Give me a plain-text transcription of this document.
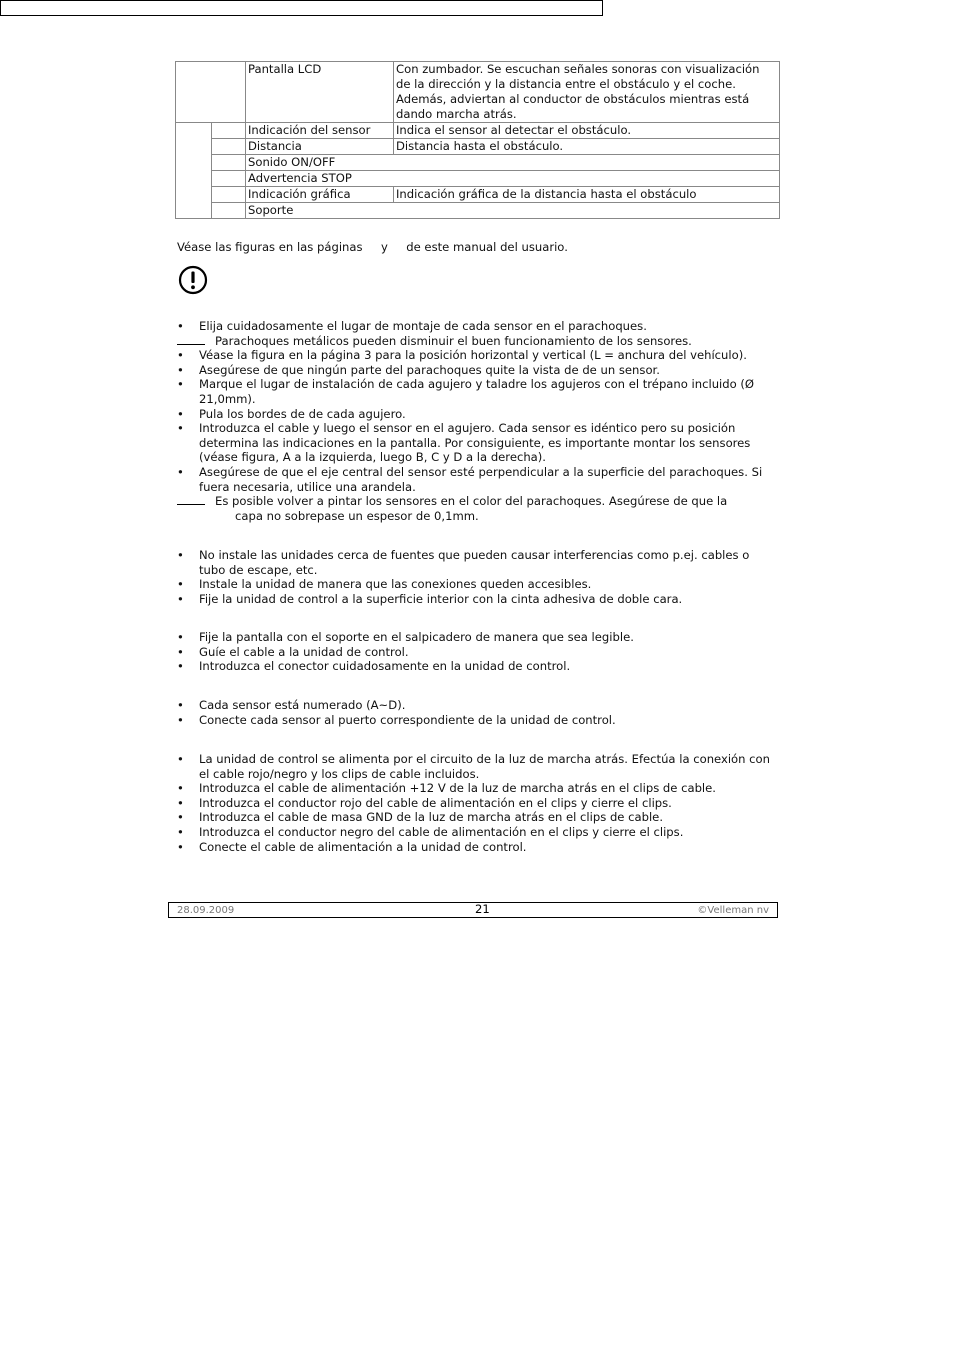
		Pantalla LCD	Con zumbador. Se escuchan señales sonoras con visualización de la dirección y la distancia entre el obstáculo y el coche. Además, adviertan al conductor de obstáculos mientras está dando marcha atrás.
		Indicación del sensor	Indica el sensor al detectar el obstáculo.
		Distancia	Distancia hasta el obstáculo.
		Sonido ON/OFF	
		Advertencia STOP	
		Indicación gráfica	Indicación gráfica de la distancia hasta el obstáculo
		Soporte	
Véase las figuras en las páginas     y     de este manual del usuario.
• Elija cuidadosamente el lugar de montaje de cada sensor en el parachoques.
Parachoques metálicos pueden disminuir el buen funcionamiento de los sensores.
• Véase la figura en la página 3 para la posición horizontal y vertical (L = anchura del vehículo).
• Asegúrese de que ningún parte del parachoques quite la vista de de un sensor.
• Marque el lugar de instalación de cada agujero y taladre los agujeros con el trépano incluido (Ø 21,0mm).
• Pula los bordes de de cada agujero.
• Introduzca el cable y luego el sensor en el agujero. Cada sensor es idéntico pero su posición determina las indicaciones en la pantalla. Por consiguiente, es importante montar los sensores (véase figura, A a la izquierda, luego B, C y D a la derecha).
• Asegúrese de que el eje central del sensor esté perpendicular a la superficie del parachoques. Si fuera necesaria, utilice una arandela.
Es posible volver a pintar los sensores en el color del parachoques. Asegúrese de que la
capa no sobrepase un espesor de 0,1mm.
• No instale las unidades cerca de fuentes que pueden causar interferencias como p.ej. cables o tubo de escape, etc.
• Instale la unidad de manera que las conexiones queden accesibles.
• Fije la unidad de control a la superficie interior con la cinta adhesiva de doble cara.
• Fije la pantalla con el soporte en el salpicadero de manera que sea legible.
• Guíe el cable a la unidad de control.
• Introduzca el conector cuidadosamente en la unidad de control.
• Cada sensor está numerado (A~D).
• Conecte cada sensor al puerto correspondiente de la unidad de control.
• La unidad de control se alimenta por el circuito de la luz de marcha atrás. Efectúa la conexión con el cable rojo/negro y los clips de cable incluidos.
• Introduzca el cable de alimentación +12 V de la luz de marcha atrás en el clips de cable.
• Introduzca el conductor rojo del cable de alimentación en el clips y cierre el clips.
• Introduzca el cable de masa GND de la luz de marcha atrás en el clips de cable.
• Introduzca el conductor negro del cable de alimentación en el clips y cierre el clips.
• Conecte el cable de alimentación a la unidad de control.
28.09.2009	21	©Velleman nv
